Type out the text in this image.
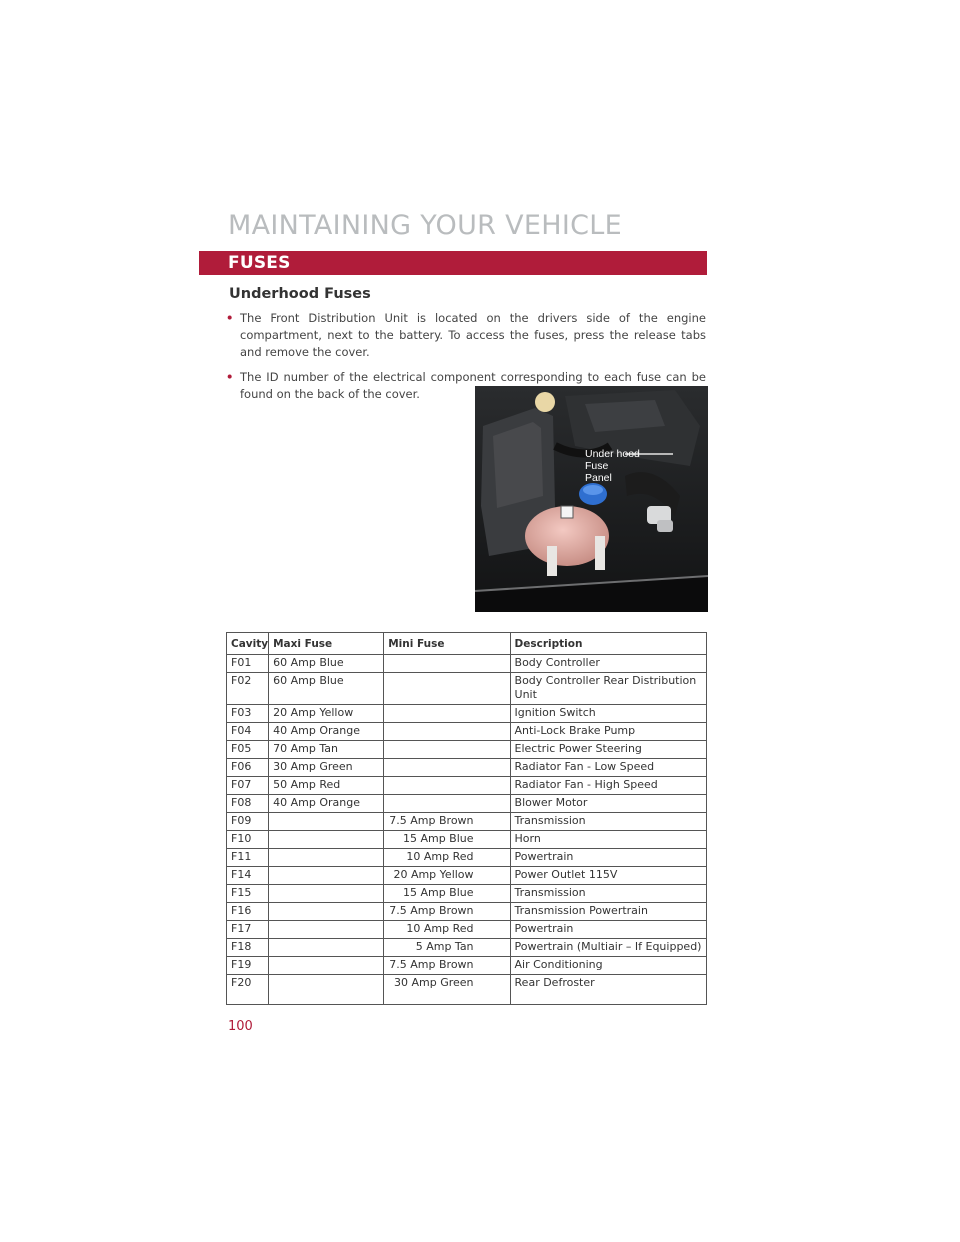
MAINTAINING YOUR VEHICLE
FUSES
Underhood Fuses
• The Front Distribution Unit is located on the drivers side of the engine compartment, next to the battery. To access the fuses, press the release tabs and remove the cover.
• The ID number of the electrical component corresponding to each fuse can be found on the back of the cover.
Under hood
Fuse
Panel
Cavity	Maxi Fuse	Mini Fuse	Description
F01	60 Amp Blue		Body Controller
F02	60 Amp Blue		Body Controller Rear Distribution Unit
F03	20 Amp Yellow		Ignition Switch
F04	40 Amp Orange		Anti-Lock Brake Pump
F05	70 Amp Tan		Electric Power Steering
F06	30 Amp Green		Radiator Fan - Low Speed
F07	50 Amp Red		Radiator Fan - High Speed
F08	40 Amp Orange		Blower Motor
F09		7.5 Amp Brown	Transmission
F10		15 Amp Blue	Horn
F11		10 Amp Red	Powertrain
F14		20 Amp Yellow	Power Outlet 115V
F15		15 Amp Blue	Transmission
F16		7.5 Amp Brown	Transmission Powertrain
F17		10 Amp Red	Powertrain
F18		5 Amp Tan	Powertrain (Multiair – If Equipped)
F19		7.5 Amp Brown	Air Conditioning
F20		30 Amp Green	Rear Defroster
100
